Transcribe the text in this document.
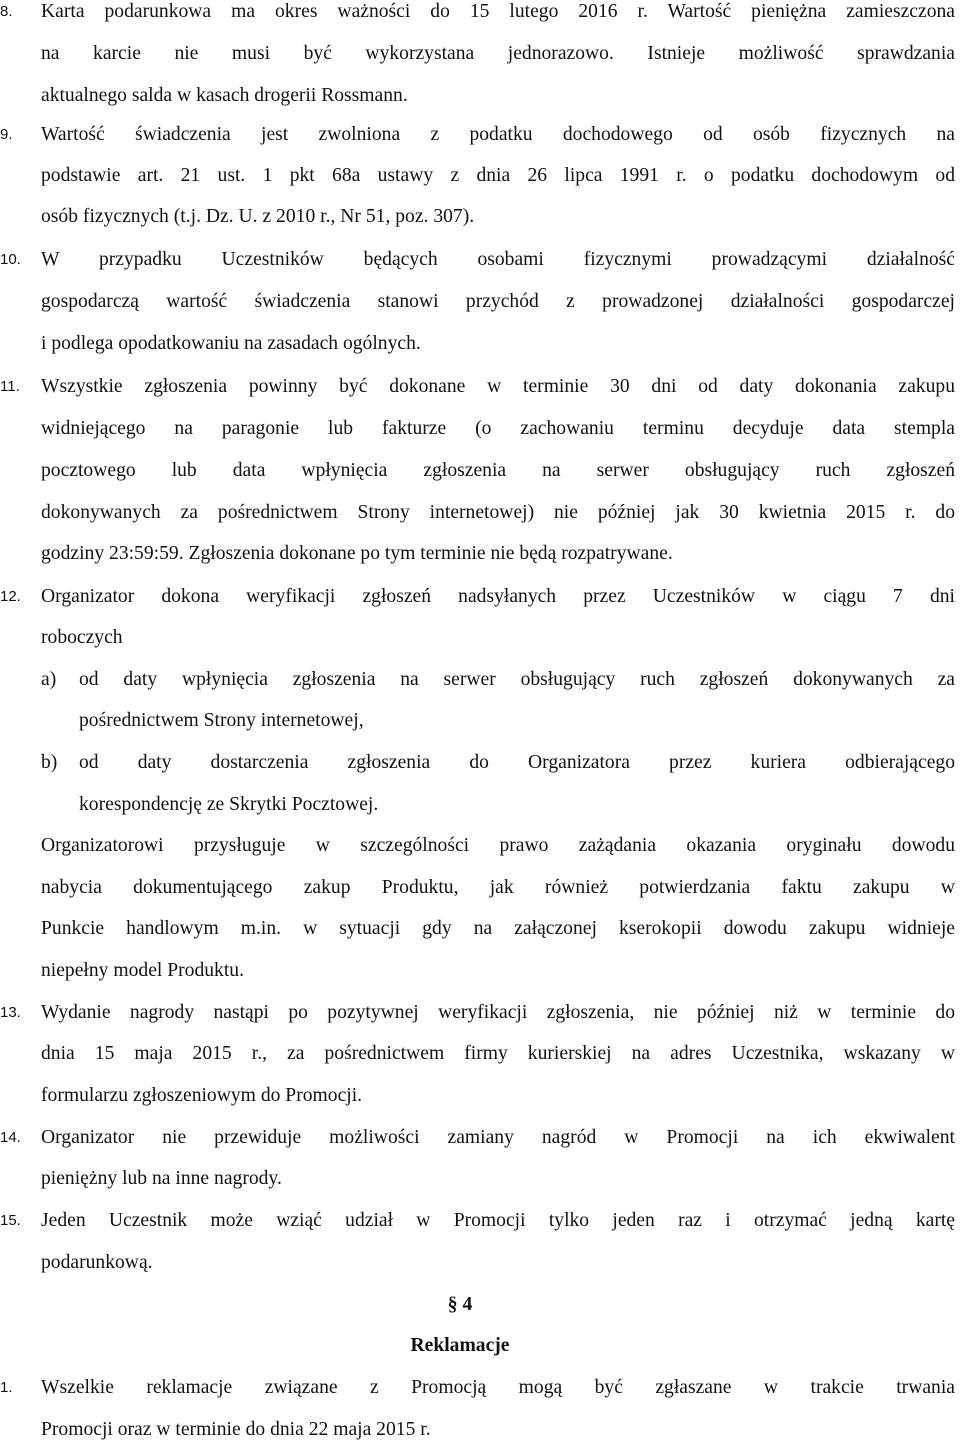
8.	Karta podarunkowa ma okres ważności do 15 lutego 2016 r. Wartość pieniężna zamieszczona
na karcie nie musi być wykorzystana jednorazowo. Istnieje możliwość sprawdzania
aktualnego salda w kasach drogerii Rossmann.
9.	Wartość świadczenia jest zwolniona z podatku dochodowego od osób fizycznych na
podstawie art. 21 ust. 1 pkt 68a ustawy z dnia 26 lipca 1991 r. o podatku dochodowym od
osób fizycznych (t.j. Dz. U. z 2010 r., Nr 51, poz. 307).
10.	W przypadku Uczestników będących osobami fizycznymi prowadzącymi działalność
gospodarczą wartość świadczenia stanowi przychód z prowadzonej działalności gospodarczej
i podlega opodatkowaniu na zasadach ogólnych.
11.	Wszystkie zgłoszenia powinny być dokonane w terminie 30 dni od daty dokonania zakupu
widniejącego na paragonie lub fakturze (o zachowaniu terminu decyduje data stempla
pocztowego lub data wpłynięcia zgłoszenia na serwer obsługujący ruch zgłoszeń
dokonywanych za pośrednictwem Strony internetowej) nie później jak 30 kwietnia 2015 r. do
godziny 23:59:59. Zgłoszenia dokonane po tym terminie nie będą rozpatrywane.
12.	Organizator dokona weryfikacji zgłoszeń nadsyłanych przez Uczestników w ciągu 7 dni
roboczych
a) od daty wpłynięcia zgłoszenia na serwer obsługujący ruch zgłoszeń dokonywanych za
pośrednictwem Strony internetowej,
b) od daty dostarczenia zgłoszenia do Organizatora przez kuriera odbierającego
korespondencję ze Skrytki Pocztowej.
Organizatorowi przysługuje w szczególności prawo zażądania okazania oryginału dowodu
nabycia dokumentującego zakup Produktu, jak również potwierdzania faktu zakupu w
Punkcie handlowym m.in. w sytuacji gdy na załączonej kserokopii dowodu zakupu widnieje
niepełny model Produktu.
13.	Wydanie nagrody nastąpi po pozytywnej weryfikacji zgłoszenia, nie później niż w terminie do
dnia 15 maja 2015 r., za pośrednictwem firmy kurierskiej na adres Uczestnika, wskazany w
formularzu zgłoszeniowym do Promocji.
14.	Organizator nie przewiduje możliwości zamiany nagród w Promocji na ich ekwiwalent
pieniężny lub na inne nagrody.
15.	Jeden Uczestnik może wziąć udział w Promocji tylko jeden raz i otrzymać jedną kartę
podarunkową.
§ 4
Reklamacje
1.	Wszelkie reklamacje związane z Promocją mogą być zgłaszane w trakcie trwania
Promocji oraz w terminie do dnia 22 maja 2015 r.
